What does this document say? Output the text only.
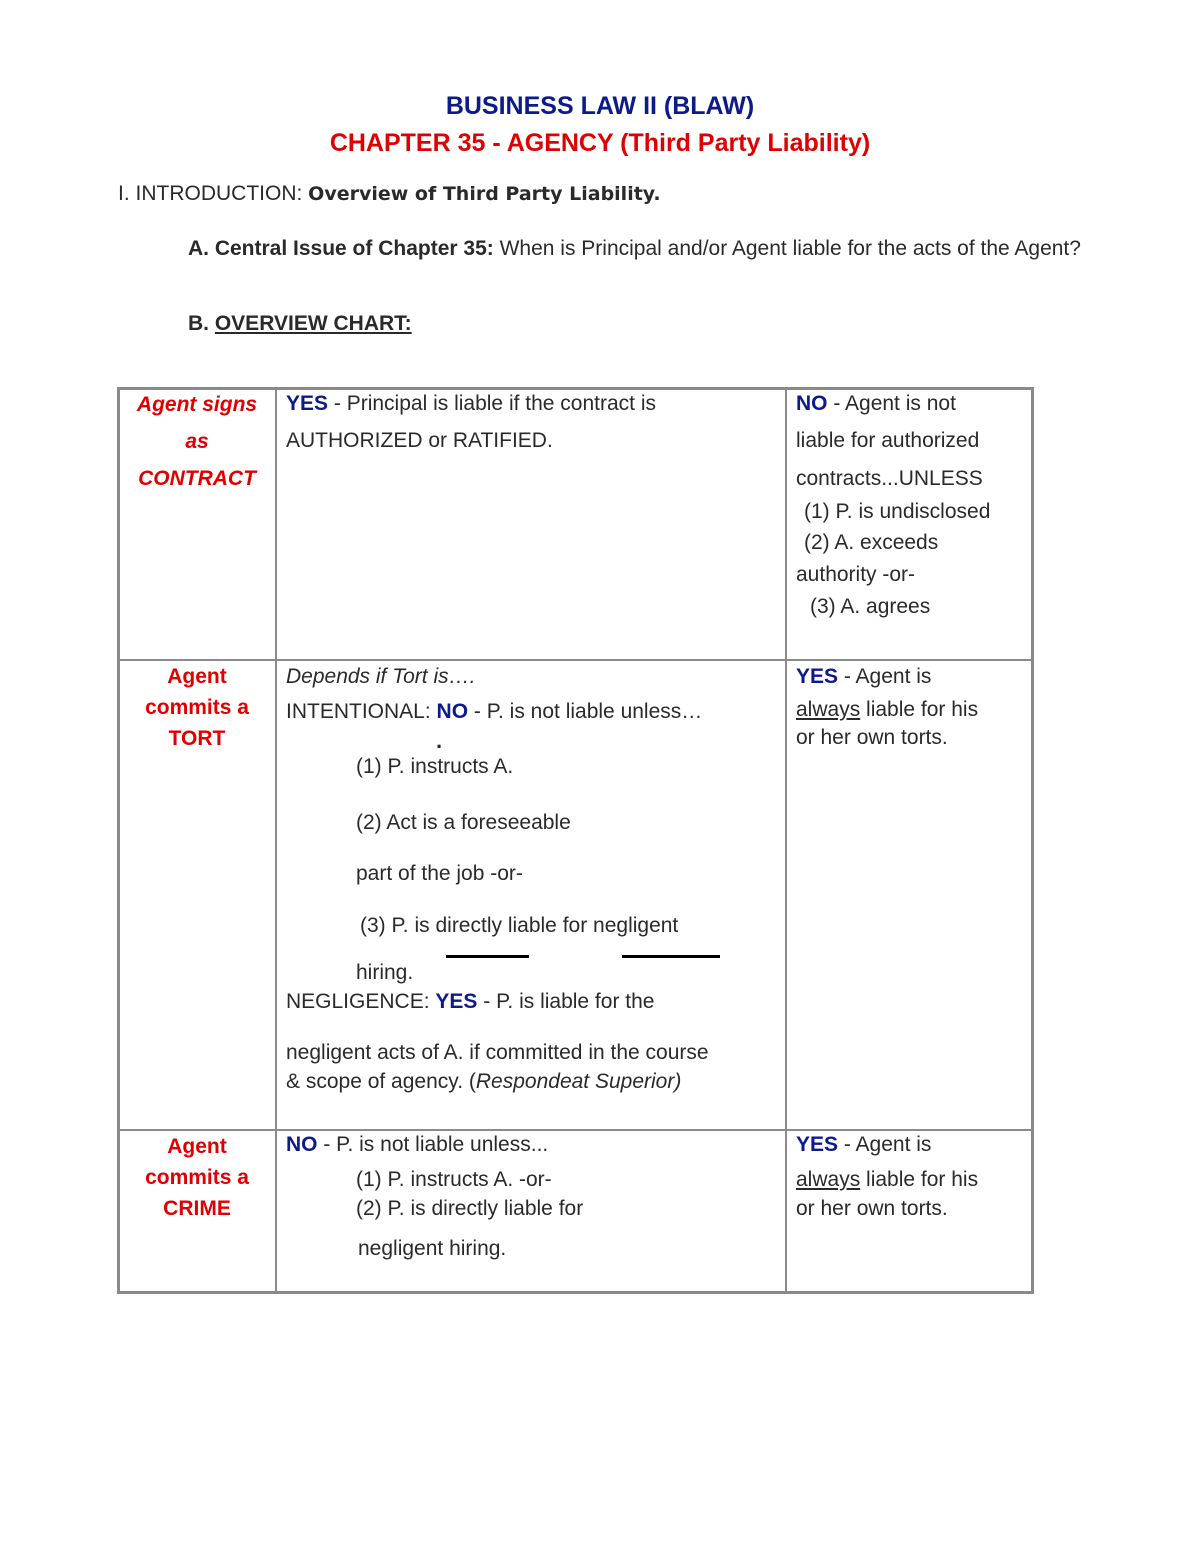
BUSINESS LAW II (BLAW)
CHAPTER 35 - AGENCY (Third Party Liability)
I. INTRODUCTION: Overview of Third Party Liability.
A. Central Issue of Chapter 35: When is Principal and/or Agent liable for the acts of the Agent?
B. OVERVIEW CHART:
Agent signs
as
CONTRACT
YES - Principal is liable if the contract is
AUTHORIZED or RATIFIED.
NO - Agent is not
liable for authorized
contracts...UNLESS
(1) P. is undisclosed
(2) A. exceeds
authority -or-
(3) A. agrees
Agent
commits a
TORT
Depends if Tort is….
INTENTIONAL: NO - P. is not liable unless…
.
(1) P. instructs A.
(2) Act is a foreseeable
part of the job -or-
(3) P. is directly liable for negligent
hiring.
NEGLIGENCE: YES - P. is liable for the
negligent acts of A. if committed in the course
& scope of agency. (Respondeat Superior)
YES - Agent is
always liable for his
or her own torts.
Agent
commits a
CRIME
NO - P. is not liable unless...
(1) P. instructs A. -or-
(2) P. is directly liable for
negligent hiring.
YES - Agent is
always liable for his
or her own torts.
